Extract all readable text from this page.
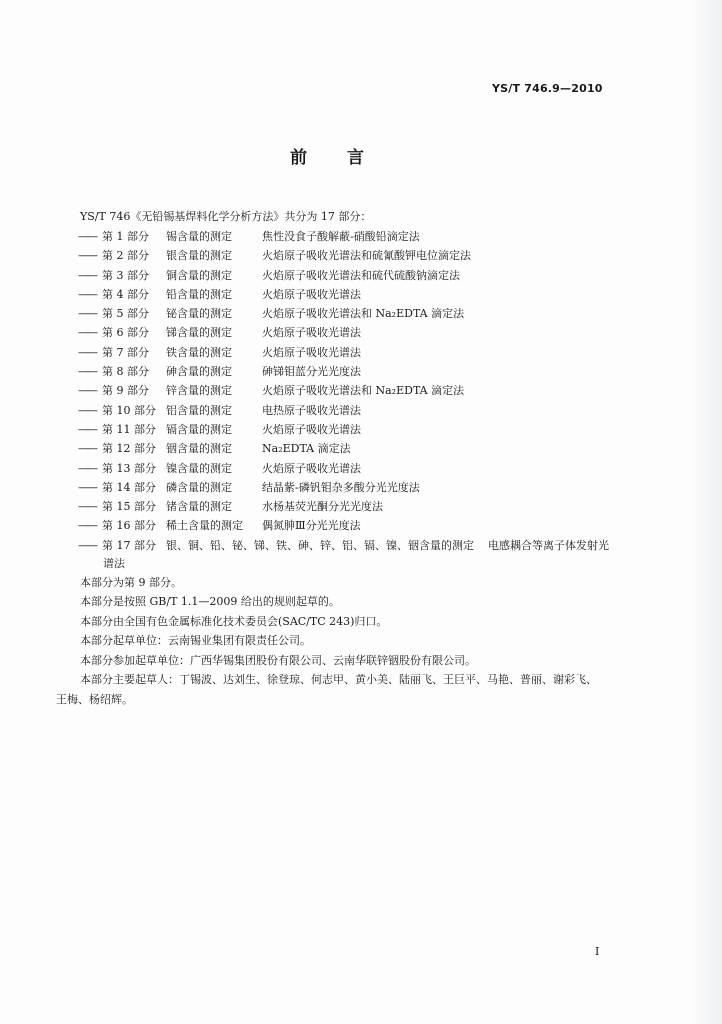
YS/T 746.9—2010
前言
YS/T 746《无铅锡基焊料化学分析方法》共分为 17 部分：
—— 第 1 部分	锡含量的测定	焦性没食子酸解蔽-硝酸铅滴定法
—— 第 2 部分	银含量的测定	火焰原子吸收光谱法和硫氰酸钾电位滴定法
—— 第 3 部分	铜含量的测定	火焰原子吸收光谱法和硫代硫酸钠滴定法
—— 第 4 部分	铅含量的测定	火焰原子吸收光谱法
—— 第 5 部分	铋含量的测定	火焰原子吸收光谱法和 Na₂EDTA 滴定法
—— 第 6 部分	锑含量的测定	火焰原子吸收光谱法
—— 第 7 部分	铁含量的测定	火焰原子吸收光谱法
—— 第 8 部分	砷含量的测定	砷锑钼蓝分光光度法
—— 第 9 部分	锌含量的测定	火焰原子吸收光谱法和 Na₂EDTA 滴定法
—— 第 10 部分 铝含量的测定	电热原子吸收光谱法
—— 第 11 部分 镉含量的测定	火焰原子吸收光谱法
—— 第 12 部分 铟含量的测定	Na₂EDTA 滴定法
—— 第 13 部分 镍含量的测定	火焰原子吸收光谱法
—— 第 14 部分 磷含量的测定	结晶紫-磷钒钼杂多酸分光光度法
—— 第 15 部分 锗含量的测定	水杨基荧光酮分光光度法
—— 第 16 部分 稀土含量的测定	偶氮胂Ⅲ分光光度法
—— 第 17 部分 银、铜、铅、铋、锑、铁、砷、锌、铝、镉、镍、铟含量的测定 电感耦合等离子体发射光
谱法
本部分为第 9 部分。
本部分是按照 GB/T 1.1—2009 给出的规则起草的。
本部分由全国有色金属标准化技术委员会(SAC/TC 243)归口。
本部分起草单位：云南锡业集团有限责任公司。
本部分参加起草单位：广西华锡集团股份有限公司、云南华联锌铟股份有限公司。
本部分主要起草人：丁锡波、达刘生、徐登琼、何志甲、黄小美、陆丽飞、王巨平、马艳、普丽、谢彩飞、
王梅、杨绍辉。
I
